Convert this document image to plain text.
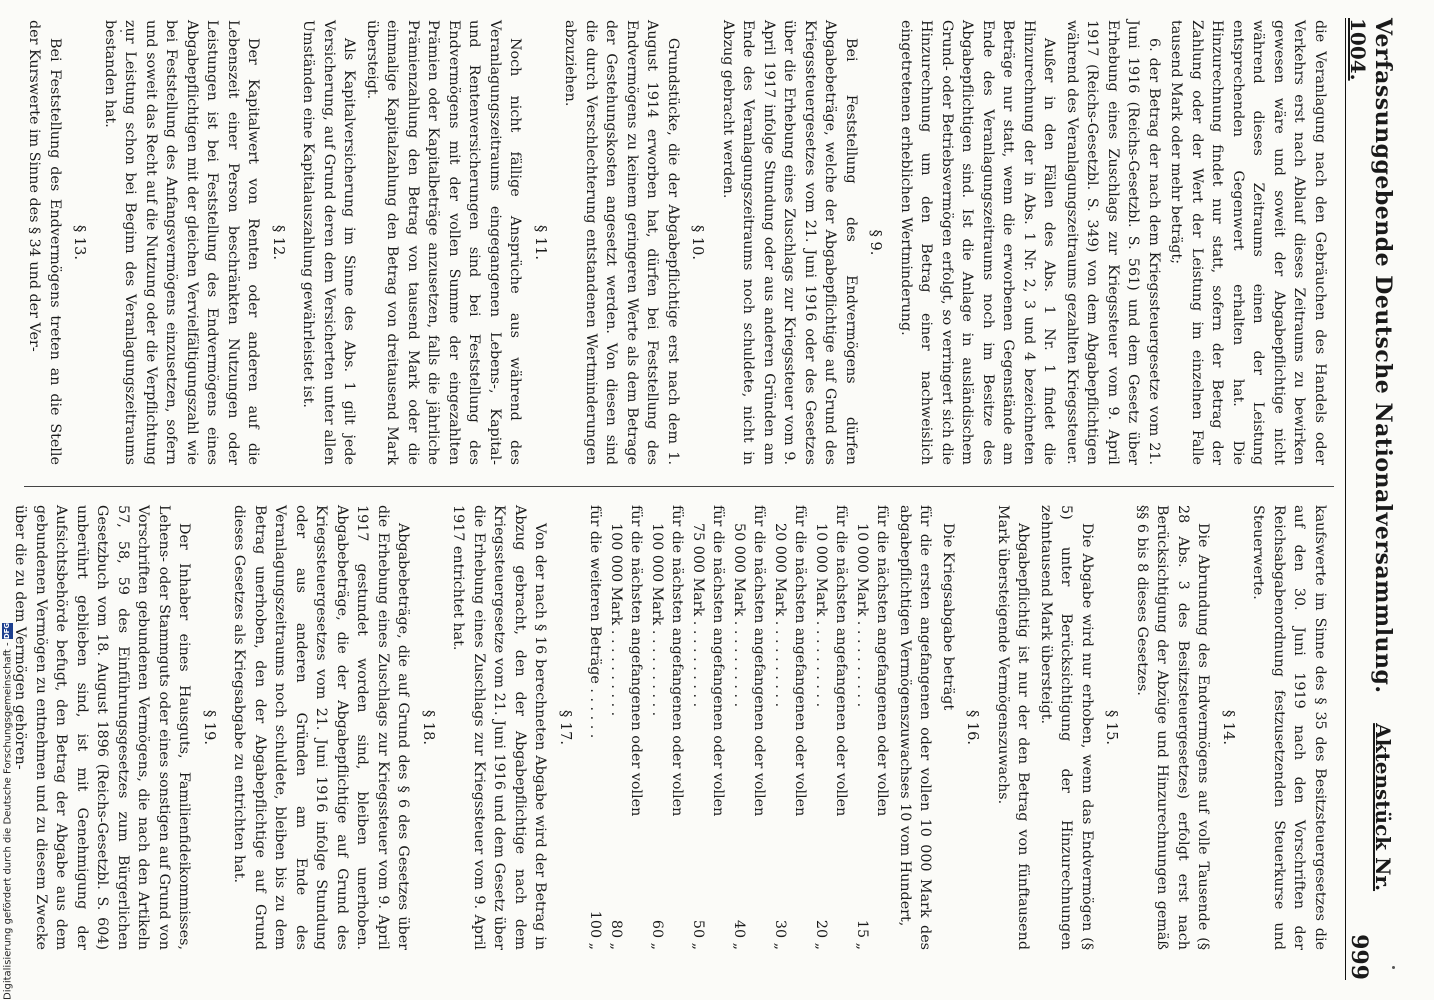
Verfassunggebende Deutsche Nationalversammlung. Aktenstück Nr. 1004.
999

die Veranlagung nach den Gebräuchen des Handels oder Verkehrs erst nach Ablauf dieses Zeitraums zu bewirken gewesen wäre und soweit der Abgabepflichtige nicht während dieses Zeitraums einen der Leistung entsprechenden Gegenwert erhalten hat. Die Hinzurechnung findet nur statt, sofern der Betrag der Zahlung oder der Wert der Leistung im einzelnen Falle tausend Mark oder mehr beträgt;

6. der Betrag der nach dem Kriegssteuergesetze vom 21. Juni 1916 (Reichs-Gesetzbl. S. 561) und dem Gesetz über Erhebung eines Zuschlags zur Kriegssteuer vom 9. April 1917 (Reichs-Gesetzbl. S. 349) von dem Abgabepflichtigen während des Veranlagungszeitraums gezahlten Kriegssteuer.

Außer in den Fällen des Abs. 1 Nr. 1 findet die Hinzurechnung der in Abs. 1 Nr. 2, 3 und 4 bezeichneten Beträge nur statt, wenn die erworbenen Gegenstände am Ende des Veranlagungszeitraums noch im Besitze des Abgabepflichtigen sind. Ist die Anlage in ausländischem Grund- oder Betriebsvermögen erfolgt, so verringert sich die Hinzurechnung um den Betrag einer nachweislich eingetretenen erheblichen Wertminderung.

§ 9.

Bei Feststellung des Endvermögens dürfen Abgabebeträge, welche der Abgabepflichtige auf Grund des Kriegssteuergesetzes vom 21. Juni 1916 oder des Gesetzes über die Erhebung eines Zuschlags zur Kriegssteuer vom 9. April 1917 infolge Stundung oder aus anderen Gründen am Ende des Veranlagungszeitraums noch schuldete, nicht in Abzug gebracht werden.

§ 10.

Grundstücke, die der Abgabepflichtige erst nach dem 1. August 1914 erworben hat, dürfen bei Feststellung des Endvermögens zu keinem geringeren Werte als dem Betrage der Gestehungskosten angesetzt werden. Von diesen sind die durch Verschlechterung entstandenen Wertminderungen abzuziehen.

§ 11.

Noch nicht fällige Ansprüche aus während des Veranlagungszeitraums eingegangenen Lebens-, Kapital- und Rentenversicherungen sind bei Feststellung des Endvermögens mit der vollen Summe der eingezahlten Prämien oder Kapitalbeträge anzusetzen, falls die jährliche Prämienzahlung den Betrag von tausend Mark oder die einmalige Kapitalzahlung den Betrag von dreitausend Mark übersteigt.

Als Kapitalversicherung im Sinne des Abs. 1 gilt jede Versicherung, auf Grund deren dem Versicherten unter allen Umständen eine Kapitalauszahlung gewährleistet ist.

§ 12.

Der Kapitalwert von Renten oder anderen auf die Lebenszeit einer Person beschränkten Nutzungen oder Leistungen ist bei Feststellung des Endvermögens eines Abgabepflichtigen mit der gleichen Vervielfältigungszahl wie bei Feststellung des Anfangsvermögens einzusetzen, sofern und soweit das Recht auf die Nutzung oder die Verpflichtung zur Leistung schon bei Beginn des Veranlagungszeitraums bestanden hat.

§ 13.

Bei Feststellung des Endvermögens treten an die Stelle der Kurswerte im Sinne des § 34 und der Ver-

kaufswerte im Sinne des § 35 des Besitzsteuergesetzes die auf den 30. Juni 1919 nach den Vorschriften der Reichsabgabenordnung festzusetzenden Steuerkurse und Steuerwerte.

§ 14.

Die Abrundung des Endvermögens auf volle Tausende (§ 28 Abs. 3 des Besitzsteuergesetzes) erfolgt erst nach Berücksichtigung der Abzüge und Hinzurechnungen gemäß §§ 6 bis 8 dieses Gesetzes.

§ 15.

Die Abgabe wird nur erhoben, wenn das Endvermögen (§ 5) unter Berücksichtigung der Hinzurechnungen zehntausend Mark übersteigt.

Abgabepflichtig ist nur der den Betrag von fünftausend Mark übersteigende Vermögenszuwachs.

§ 16.

Die Kriegsabgabe beträgt

für die ersten angefangenen oder vollen 10 000 Mark des abgabepflichtigen Vermögenszuwachses 10 vom Hundert,

für die nächsten angefangenen oder vollen
10 000 Mark . . . . . . . . . .
15 „
für die nächsten angefangenen oder vollen
10 000 Mark . . . . . . . . . .
20 „
für die nächsten angefangenen oder vollen
20 000 Mark . . . . . . . . . .
30 „
für die nächsten angefangenen oder vollen
50 000 Mark . . . . . . . . . .
40 „
für die nächsten angefangenen oder vollen
75 000 Mark . . . . . . . . . .
50 „
für die nächsten angefangenen oder vollen
100 000 Mark . . . . . . . . . .
60 „
für die nächsten angefangenen oder vollen
100 000 Mark . . . . . . . . . .
80 „
für die weiteren Beträge . . . . . .
100 „
§ 17.

Von der nach § 16 berechneten Abgabe wird der Betrag in Abzug gebracht, den der Abgabepflichtige nach dem Kriegssteuergesetze vom 21. Juni 1916 und dem Gesetz über die Erhebung eines Zuschlags zur Kriegssteuer vom 9. April 1917 entrichtet hat.

§ 18.

Abgabebeträge, die auf Grund des § 6 des Gesetzes über die Erhebung eines Zuschlags zur Kriegssteuer vom 9. April 1917 gestundet worden sind, bleiben unerhoben. Abgabebeträge, die der Abgabepflichtige auf Grund des Kriegssteuergesetzes vom 21. Juni 1916 infolge Stundung oder aus anderen Gründen am Ende des Veranlagungszeitraums noch schuldete, bleiben bis zu dem Betrag unerhoben, den der Abgabepflichtige auf Grund dieses Gesetzes als Kriegsabgabe zu entrichten hat.

§ 19.

Der Inhaber eines Hausguts, Familienfideikommisses, Lehens- oder Stammguts oder eines sonstigen auf Grund von Vorschriften gebundenen Vermögens, die nach den Artikeln 57, 58, 59 des Einführungsgesetzes zum Bürgerlichen Gesetzbuch vom 18. August 1896 (Reichs-Gesetzbl. S. 604) unberührt geblieben sind, ist mit Genehmigung der Aufsichtsbehörde befugt, den Betrag der Abgabe aus dem gebundenen Vermögen zu entnehmen und zu diesem Zwecke über die zu dem Vermögen gehören-

Digitalisierung gefördert durch die Deutsche Forschungsgemeinschaft - DFG
